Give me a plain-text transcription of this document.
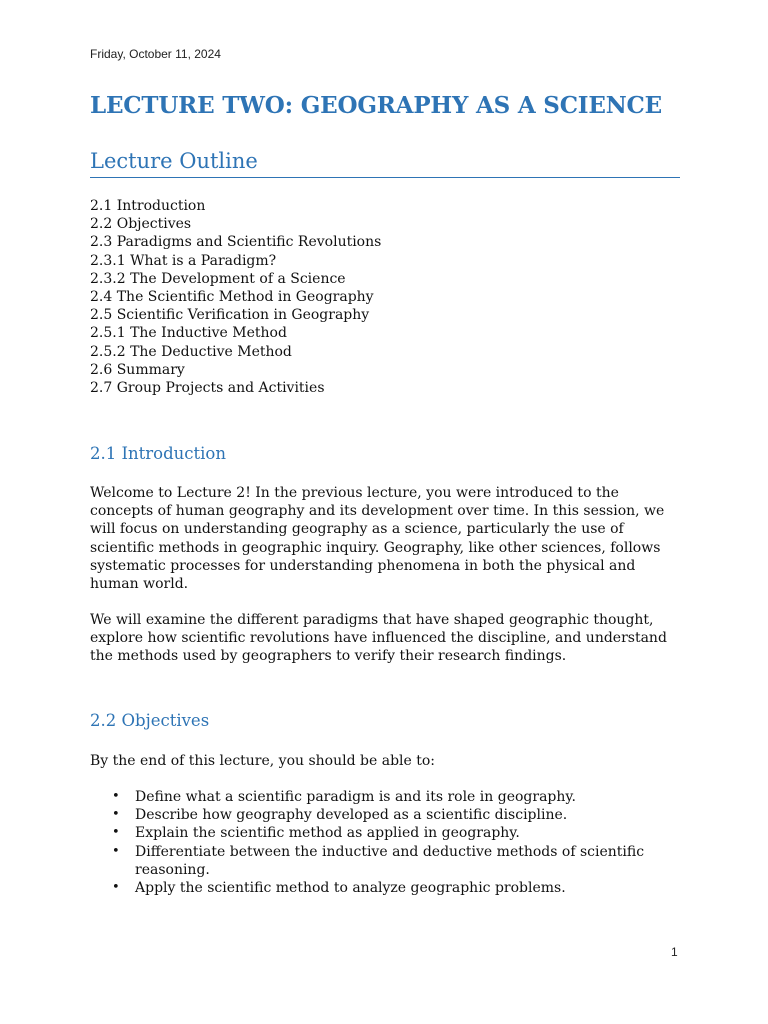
Friday, October 11, 2024
LECTURE TWO: GEOGRAPHY AS A SCIENCE
Lecture Outline
2.1 Introduction
2.2 Objectives
2.3 Paradigms and Scientific Revolutions
2.3.1 What is a Paradigm?
2.3.2 The Development of a Science
2.4 The Scientific Method in Geography
2.5 Scientific Verification in Geography
2.5.1 The Inductive Method
2.5.2 The Deductive Method
2.6 Summary
2.7 Group Projects and Activities
2.1 Introduction

Welcome to Lecture 2! In the previous lecture, you were introduced to the concepts of human geography and its development over time. In this session, we will focus on understanding geography as a science, particularly the use of scientific methods in geographic inquiry. Geography, like other sciences, follows systematic processes for understanding phenomena in both the physical and human world.

We will examine the different paradigms that have shaped geographic thought, explore how scientific revolutions have influenced the discipline, and understand the methods used by geographers to verify their research findings.

2.2 Objectives

By the end of this lecture, you should be able to:

• Define what a scientific paradigm is and its role in geography.
• Describe how geography developed as a scientific discipline.
• Explain the scientific method as applied in geography.
• Differentiate between the inductive and deductive methods of scientific reasoning.
• Apply the scientific method to analyze geographic problems.
1
